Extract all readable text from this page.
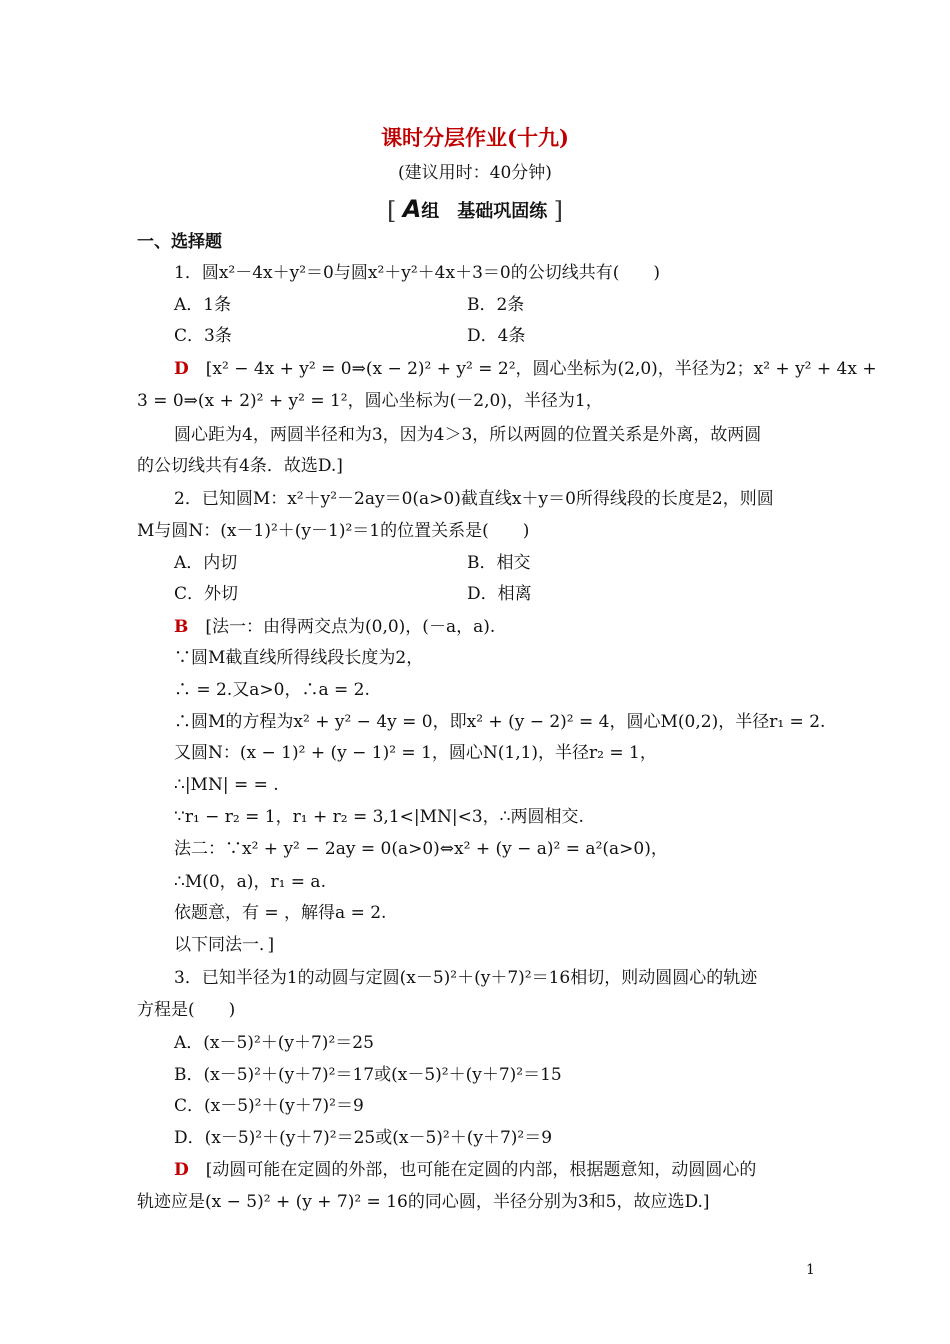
课时分层作业(十九)
(建议用时：40分钟)
[ A组　基础巩固练 ]
一、选择题
1．圆x²－4x＋y²＝0与圆x²＋y²＋4x＋3＝0的公切线共有(　　)
A．1条	B．2条
C．3条	D．4条
D　 [x² − 4x + y² = 0⇒(x − 2)² + y² = 2²，圆心坐标为(2,0)，半径为2；x² + y² + 4x +
3 = 0⇒(x + 2)² + y² = 1²，圆心坐标为(－2,0)，半径为1，
圆心距为4，两圆半径和为3，因为4＞3，所以两圆的位置关系是外离，故两圆
的公切线共有4条．故选D.]
2．已知圆M：x²＋y²－2ay＝0(a>0)截直线x＋y＝0所得线段的长度是2，则圆
M与圆N：(x－1)²＋(y－1)²＝1的位置关系是(　　)
A．内切	B．相交
C．外切	D．相离
B　 [法一：由得两交点为(0,0)，(－a，a).
∵圆M截直线所得线段长度为2，
∴ = 2.又a>0，∴a = 2.
∴圆M的方程为x² + y² − 4y = 0，即x² + (y − 2)² = 4，圆心M(0,2)，半径r₁ = 2.
又圆N：(x − 1)² + (y − 1)² = 1，圆心N(1,1)，半径r₂ = 1，
∴|MN| = = .
∵r₁ − r₂ = 1，r₁ + r₂ = 3,1<|MN|<3，∴两圆相交.
法二：∵x² + y² − 2ay = 0(a>0)⇔x² + (y − a)² = a²(a>0)，
∴M(0，a)，r₁ = a.
依题意，有 = ，解得a = 2.
以下同法一．]
3．已知半径为1的动圆与定圆(x－5)²＋(y＋7)²＝16相切，则动圆圆心的轨迹
方程是(　　)
A．(x－5)²＋(y＋7)²＝25
B．(x－5)²＋(y＋7)²＝17或(x－5)²＋(y＋7)²＝15
C．(x－5)²＋(y＋7)²＝9
D．(x－5)²＋(y＋7)²＝25或(x－5)²＋(y＋7)²＝9
D　 [动圆可能在定圆的外部，也可能在定圆的内部，根据题意知，动圆圆心的
轨迹应是(x − 5)² + (y + 7)² = 16的同心圆，半径分别为3和5，故应选D.]
1
